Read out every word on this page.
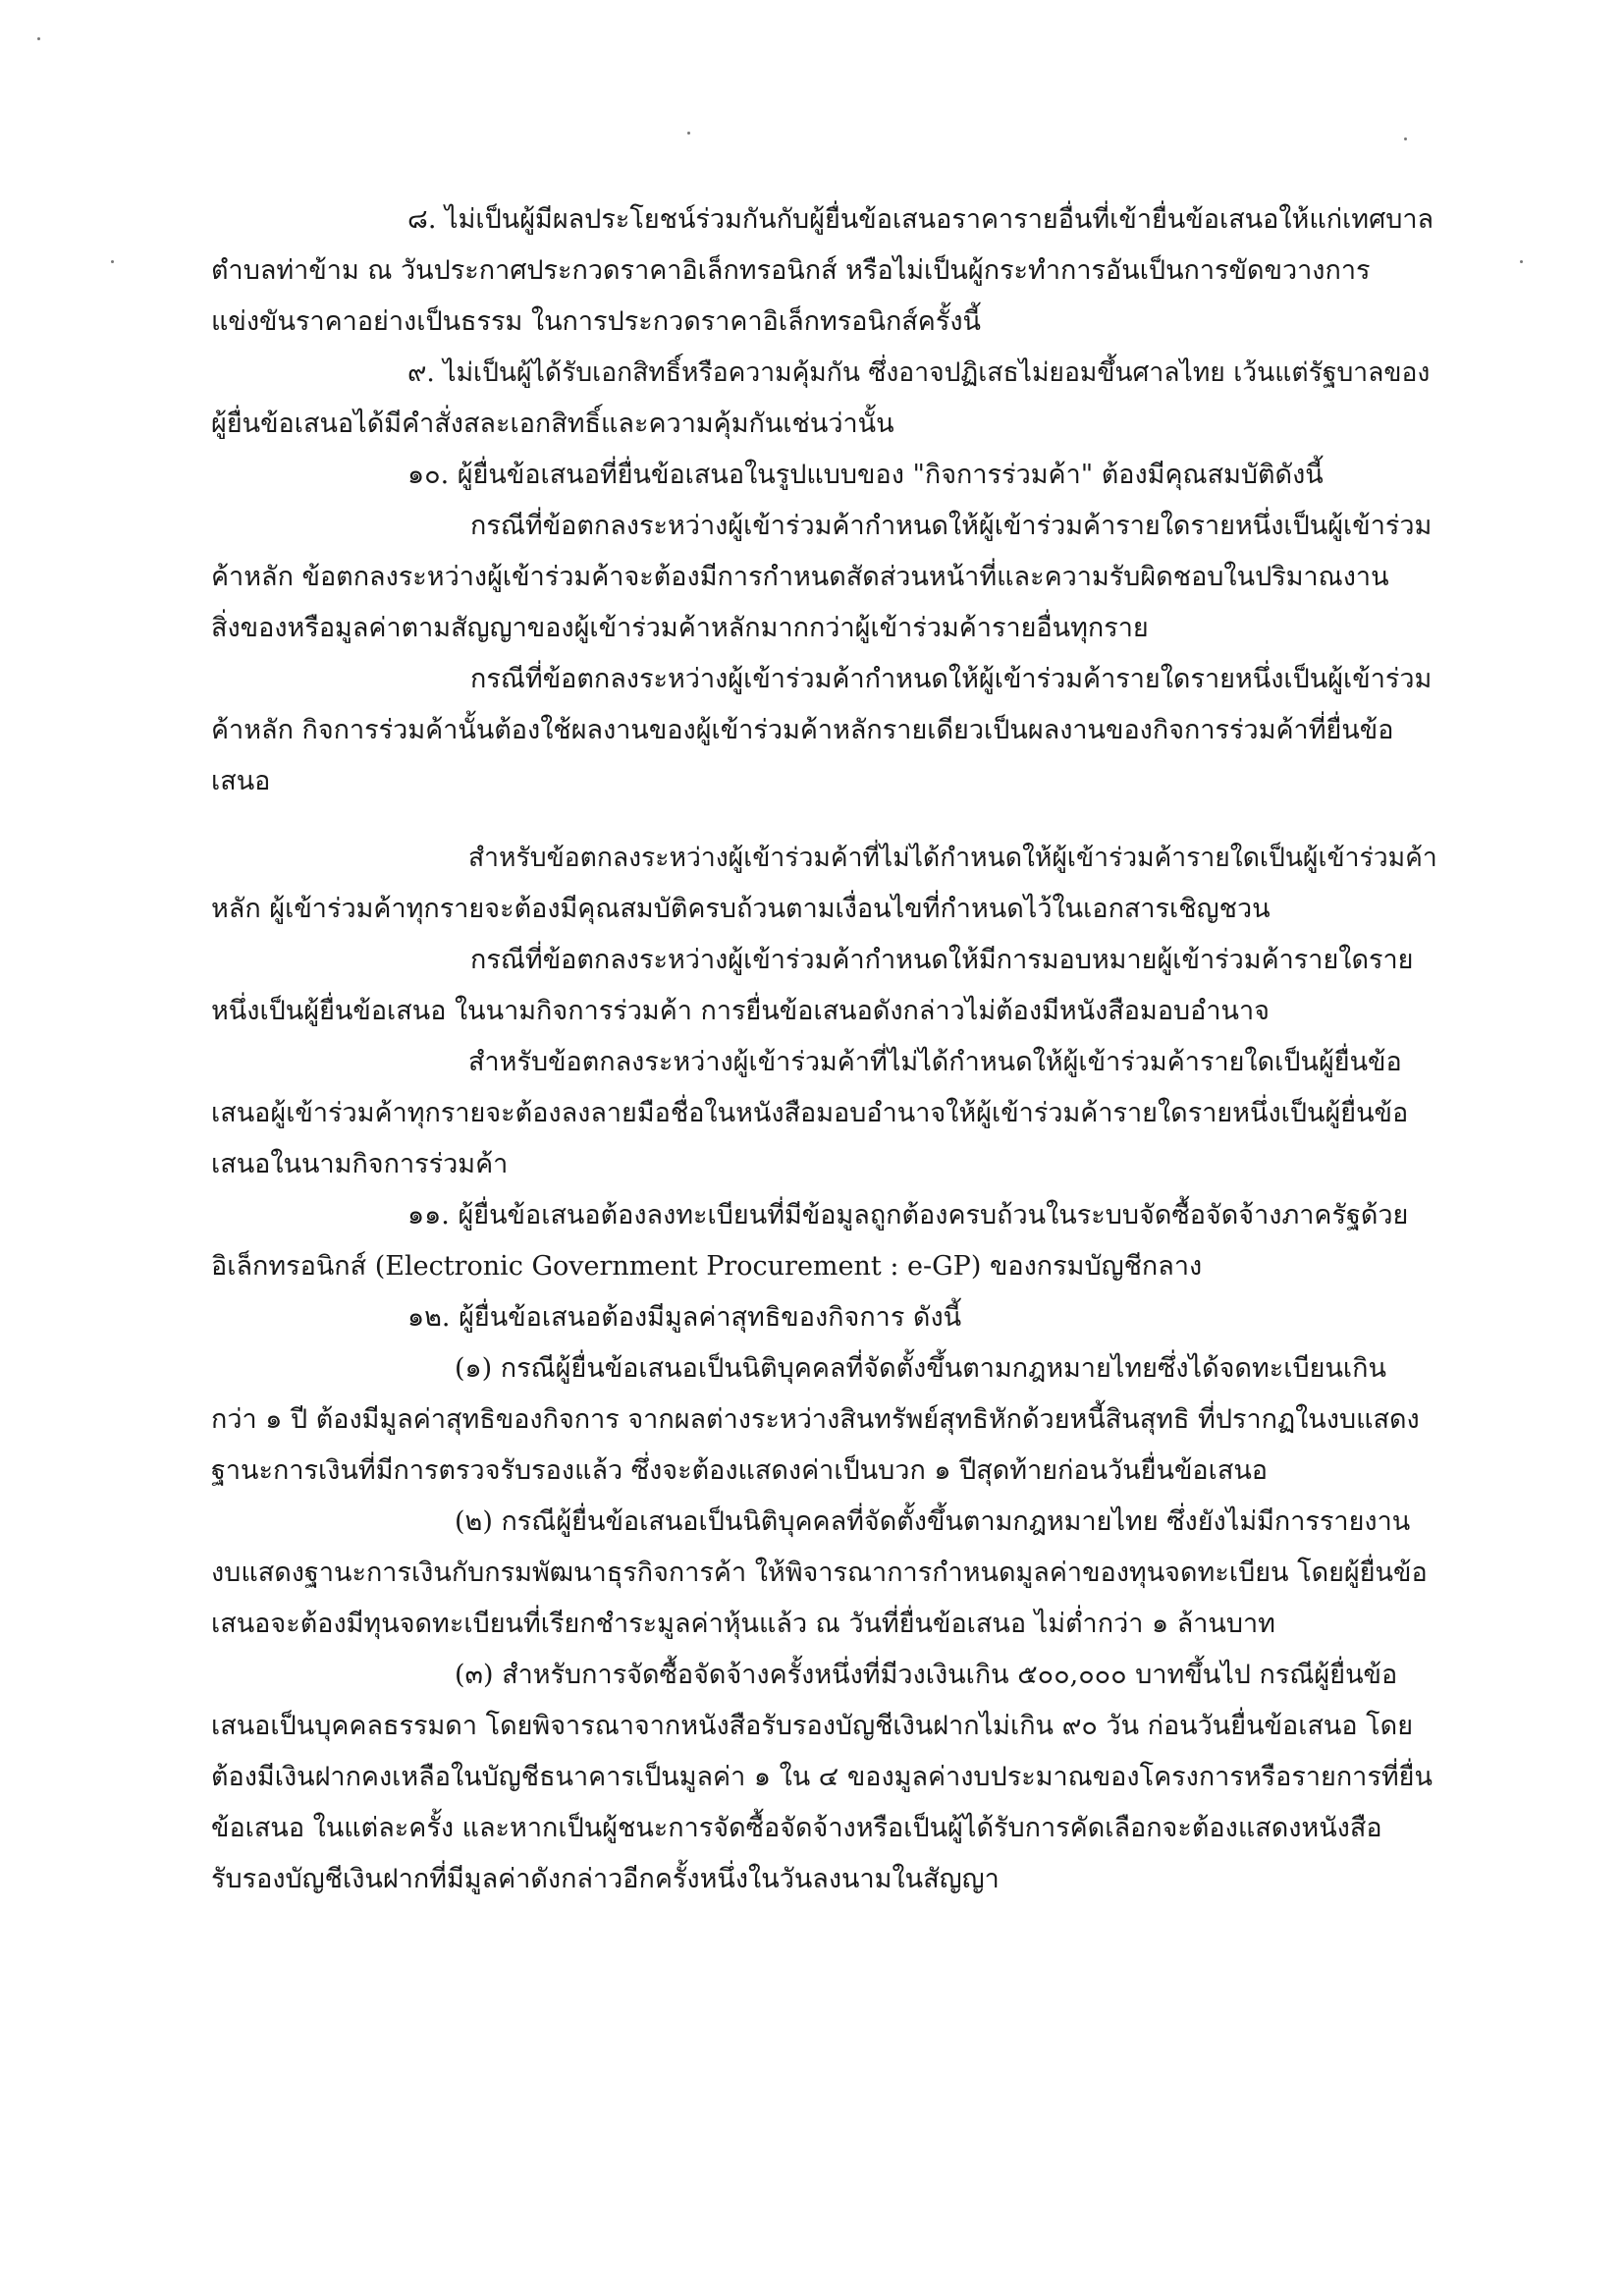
๘. ไม่เป็นผู้มีผลประโยชน์ร่วมกันกับผู้ยื่นข้อเสนอราคารายอื่นที่เข้ายื่นข้อเสนอให้แก่เทศบาล
ตำบลท่าข้าม ณ วันประกาศประกวดราคาอิเล็กทรอนิกส์ หรือไม่เป็นผู้กระทำการอันเป็นการขัดขวางการ
แข่งขันราคาอย่างเป็นธรรม ในการประกวดราคาอิเล็กทรอนิกส์ครั้งนี้
๙. ไม่เป็นผู้ได้รับเอกสิทธิ์หรือความคุ้มกัน ซึ่งอาจปฏิเสธไม่ยอมขึ้นศาลไทย เว้นแต่รัฐบาลของ
ผู้ยื่นข้อเสนอได้มีคำสั่งสละเอกสิทธิ์และความคุ้มกันเช่นว่านั้น
๑๐. ผู้ยื่นข้อเสนอที่ยื่นข้อเสนอในรูปแบบของ "กิจการร่วมค้า" ต้องมีคุณสมบัติดังนี้
กรณีที่ข้อตกลงระหว่างผู้เข้าร่วมค้ากำหนดให้ผู้เข้าร่วมค้ารายใดรายหนึ่งเป็นผู้เข้าร่วม
ค้าหลัก ข้อตกลงระหว่างผู้เข้าร่วมค้าจะต้องมีการกำหนดสัดส่วนหน้าที่และความรับผิดชอบในปริมาณงาน
สิ่งของหรือมูลค่าตามสัญญาของผู้เข้าร่วมค้าหลักมากกว่าผู้เข้าร่วมค้ารายอื่นทุกราย
กรณีที่ข้อตกลงระหว่างผู้เข้าร่วมค้ากำหนดให้ผู้เข้าร่วมค้ารายใดรายหนึ่งเป็นผู้เข้าร่วม
ค้าหลัก กิจการร่วมค้านั้นต้องใช้ผลงานของผู้เข้าร่วมค้าหลักรายเดียวเป็นผลงานของกิจการร่วมค้าที่ยื่นข้อ
เสนอ
สำหรับข้อตกลงระหว่างผู้เข้าร่วมค้าที่ไม่ได้กำหนดให้ผู้เข้าร่วมค้ารายใดเป็นผู้เข้าร่วมค้า
หลัก ผู้เข้าร่วมค้าทุกรายจะต้องมีคุณสมบัติครบถ้วนตามเงื่อนไขที่กำหนดไว้ในเอกสารเชิญชวน
กรณีที่ข้อตกลงระหว่างผู้เข้าร่วมค้ากำหนดให้มีการมอบหมายผู้เข้าร่วมค้ารายใดราย
หนึ่งเป็นผู้ยื่นข้อเสนอ ในนามกิจการร่วมค้า การยื่นข้อเสนอดังกล่าวไม่ต้องมีหนังสือมอบอำนาจ
สำหรับข้อตกลงระหว่างผู้เข้าร่วมค้าที่ไม่ได้กำหนดให้ผู้เข้าร่วมค้ารายใดเป็นผู้ยื่นข้อ
เสนอผู้เข้าร่วมค้าทุกรายจะต้องลงลายมือชื่อในหนังสือมอบอำนาจให้ผู้เข้าร่วมค้ารายใดรายหนึ่งเป็นผู้ยื่นข้อ
เสนอในนามกิจการร่วมค้า
๑๑. ผู้ยื่นข้อเสนอต้องลงทะเบียนที่มีข้อมูลถูกต้องครบถ้วนในระบบจัดซื้อจัดจ้างภาครัฐด้วย
อิเล็กทรอนิกส์ (Electronic Government Procurement : e-GP) ของกรมบัญชีกลาง
๑๒. ผู้ยื่นข้อเสนอต้องมีมูลค่าสุทธิของกิจการ ดังนี้
(๑) กรณีผู้ยื่นข้อเสนอเป็นนิติบุคคลที่จัดตั้งขึ้นตามกฎหมายไทยซึ่งได้จดทะเบียนเกิน
กว่า ๑ ปี ต้องมีมูลค่าสุทธิของกิจการ จากผลต่างระหว่างสินทรัพย์สุทธิหักด้วยหนี้สินสุทธิ ที่ปรากฏในงบแสดง
ฐานะการเงินที่มีการตรวจรับรองแล้ว ซึ่งจะต้องแสดงค่าเป็นบวก ๑ ปีสุดท้ายก่อนวันยื่นข้อเสนอ
(๒) กรณีผู้ยื่นข้อเสนอเป็นนิติบุคคลที่จัดตั้งขึ้นตามกฎหมายไทย ซึ่งยังไม่มีการรายงาน
งบแสดงฐานะการเงินกับกรมพัฒนาธุรกิจการค้า ให้พิจารณาการกำหนดมูลค่าของทุนจดทะเบียน โดยผู้ยื่นข้อ
เสนอจะต้องมีทุนจดทะเบียนที่เรียกชำระมูลค่าหุ้นแล้ว ณ วันที่ยื่นข้อเสนอ ไม่ต่ำกว่า ๑ ล้านบาท
(๓) สำหรับการจัดซื้อจัดจ้างครั้งหนึ่งที่มีวงเงินเกิน ๕๐๐,๐๐๐ บาทขึ้นไป กรณีผู้ยื่นข้อ
เสนอเป็นบุคคลธรรมดา โดยพิจารณาจากหนังสือรับรองบัญชีเงินฝากไม่เกิน ๙๐ วัน ก่อนวันยื่นข้อเสนอ โดย
ต้องมีเงินฝากคงเหลือในบัญชีธนาคารเป็นมูลค่า ๑ ใน ๔ ของมูลค่างบประมาณของโครงการหรือรายการที่ยื่น
ข้อเสนอ ในแต่ละครั้ง และหากเป็นผู้ชนะการจัดซื้อจัดจ้างหรือเป็นผู้ได้รับการคัดเลือกจะต้องแสดงหนังสือ
รับรองบัญชีเงินฝากที่มีมูลค่าดังกล่าวอีกครั้งหนึ่งในวันลงนามในสัญญา
